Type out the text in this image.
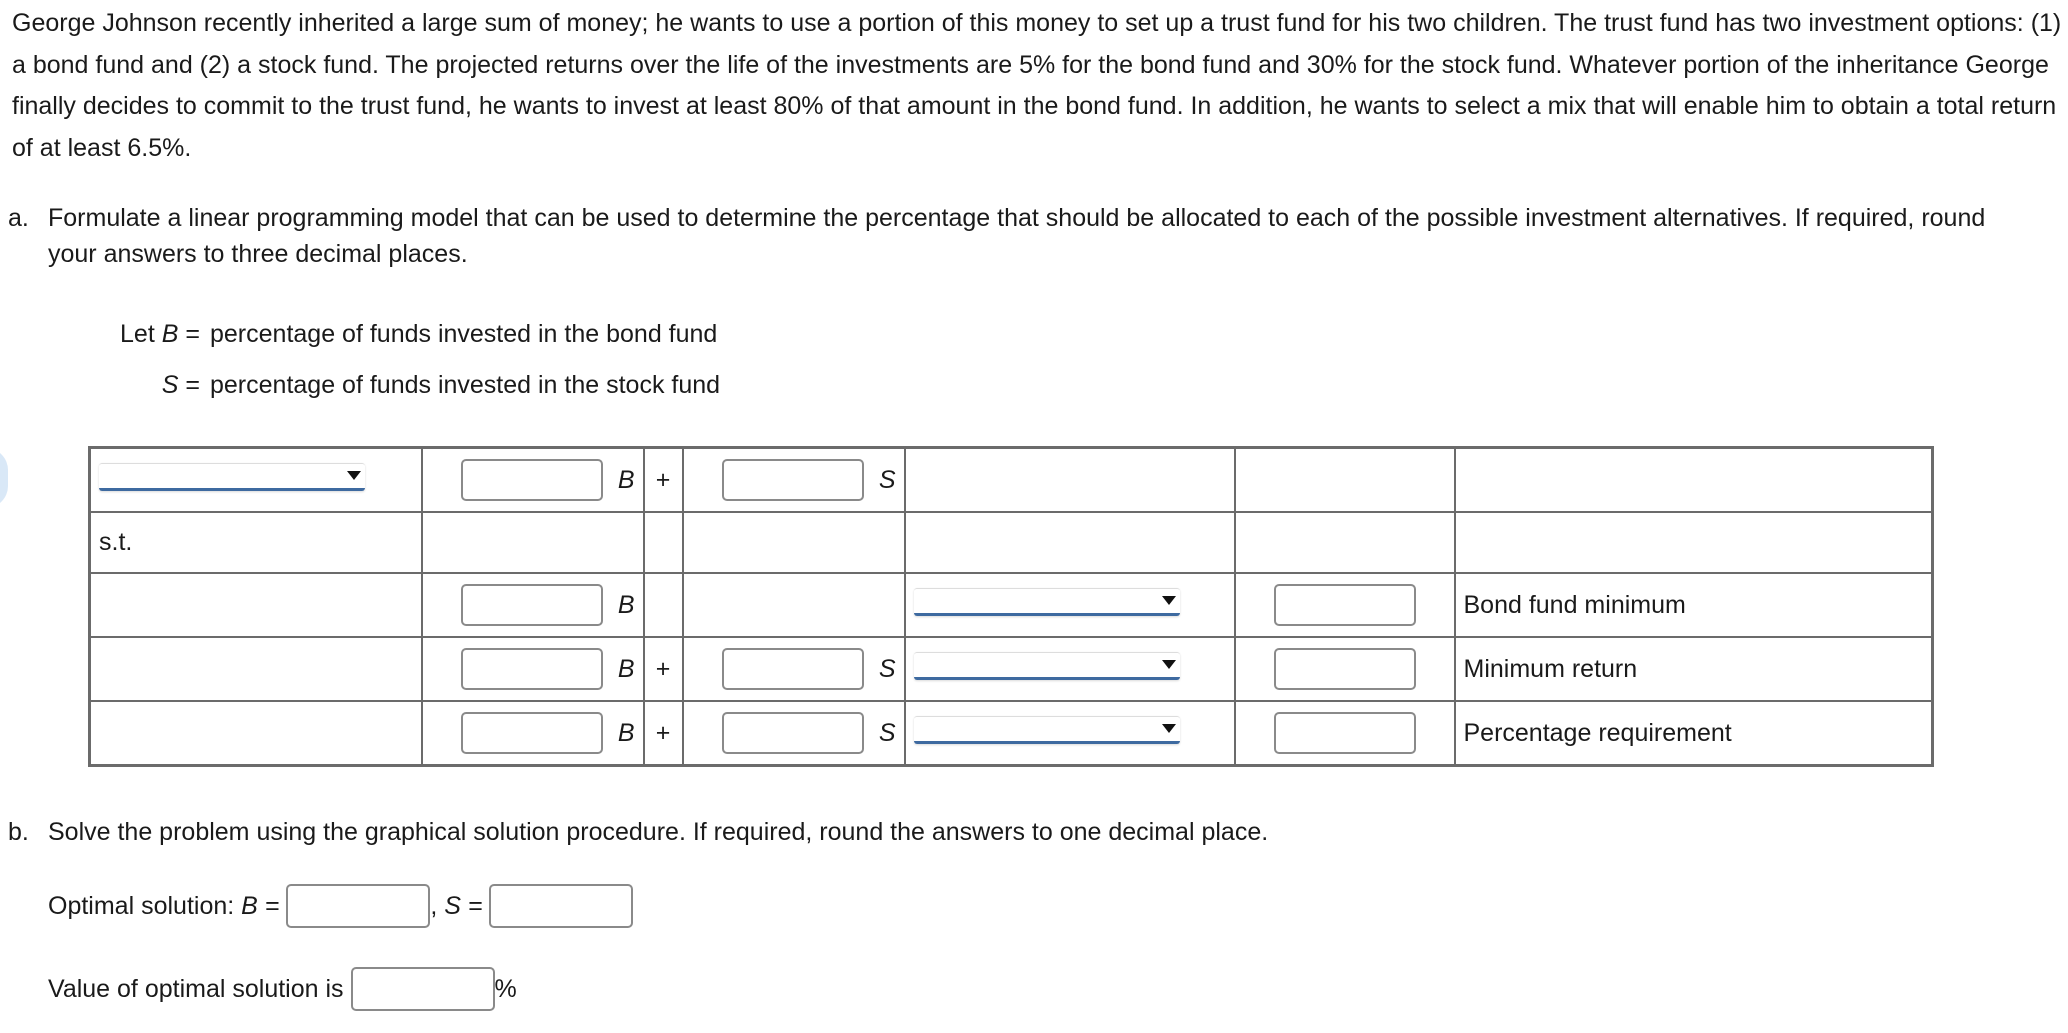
George Johnson recently inherited a large sum of money; he wants to use a portion of this money to set up a trust fund for his two children. The trust fund has two investment options: (1) a bond fund and (2) a stock fund. The projected returns over the life of the investments are 5% for the bond fund and 30% for the stock fund. Whatever portion of the inheritance George finally decides to commit to the trust fund, he wants to invest at least 80% of that amount in the bond fund. In addition, he wants to select a mix that will enable him to obtain a total return of at least 6.5%.

a. Formulate a linear programming model that can be used to determine the percentage that should be allocated to each of the possible investment alternatives. If required, round your answers to three decimal places.
Let B = percentage of funds invested in the bond fund
S = percentage of funds invested in the stock fund

	B	+	S			

s.t.						

	B					Bond fund minimum

	B	+	S			Minimum return

	B	+	S			Percentage requirement
b. Solve the problem using the graphical solution procedure. If required, round the answers to one decimal place.
Optimal solution:
B =
	,
S =

Value of optimal solution is
	%
